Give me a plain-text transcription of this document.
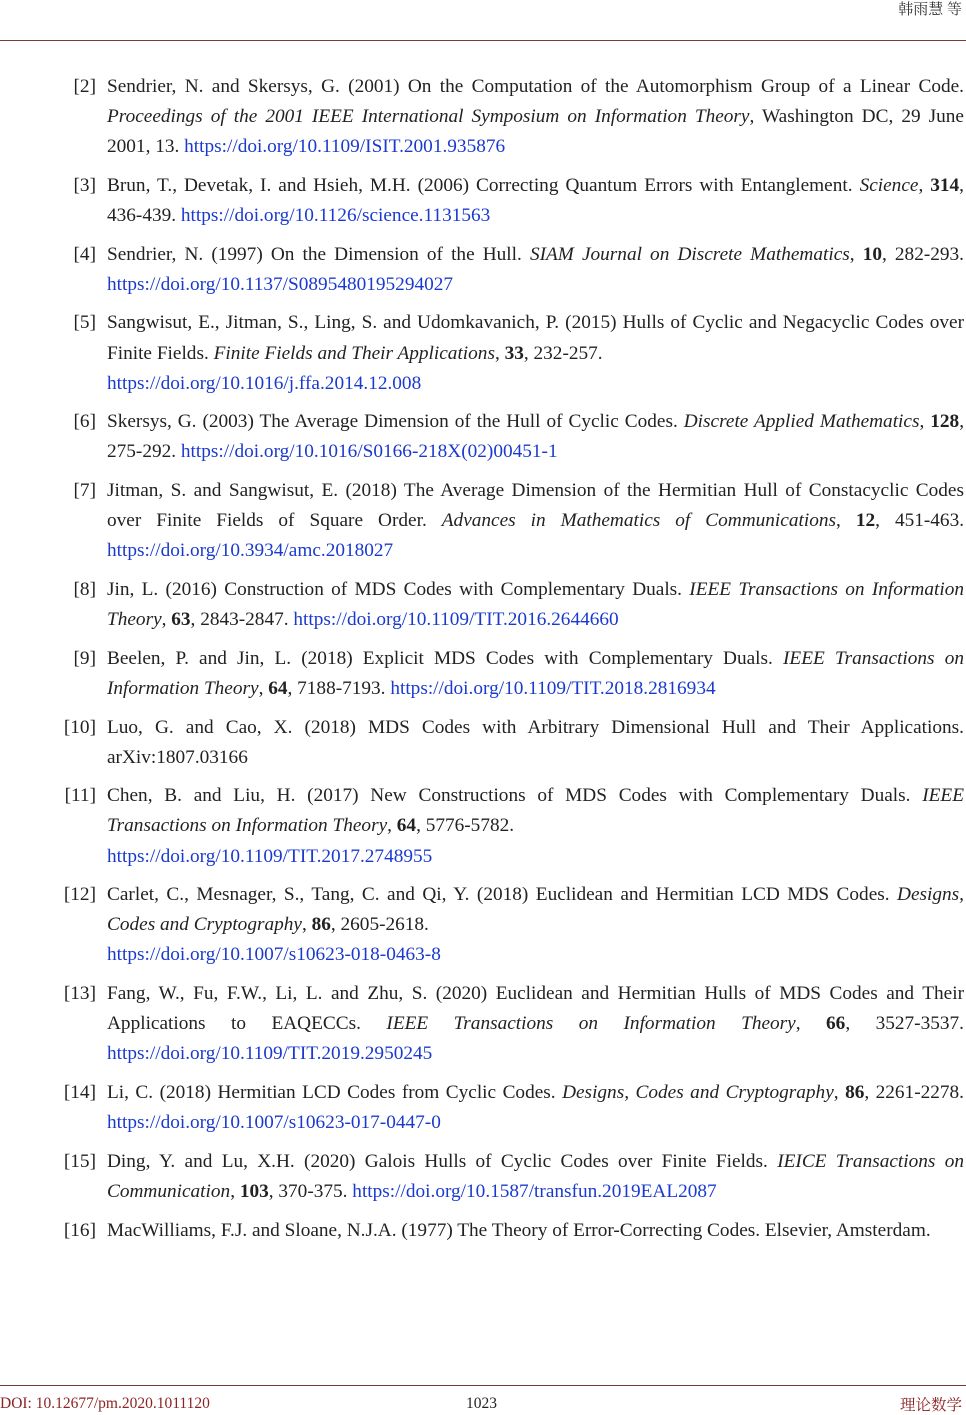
韩雨慧 等
[2] Sendrier, N. and Skersys, G. (2001) On the Computation of the Automorphism Group of a Linear Code. Proceedings of the 2001 IEEE International Symposium on Information Theory, Washington DC, 29 June 2001, 13. https://doi.org/10.1109/ISIT.2001.935876
[3] Brun, T., Devetak, I. and Hsieh, M.H. (2006) Correcting Quantum Errors with Entanglement. Science, 314, 436-439. https://doi.org/10.1126/science.1131563
[4] Sendrier, N. (1997) On the Dimension of the Hull. SIAM Journal on Discrete Mathematics, 10, 282-293. https://doi.org/10.1137/S0895480195294027
[5] Sangwisut, E., Jitman, S., Ling, S. and Udomkavanich, P. (2015) Hulls of Cyclic and Negacyclic Codes over Finite Fields. Finite Fields and Their Applications, 33, 232-257.
https://doi.org/10.1016/j.ffa.2014.12.008
[6] Skersys, G. (2003) The Average Dimension of the Hull of Cyclic Codes. Discrete Applied Mathematics, 128, 275-292. https://doi.org/10.1016/S0166-218X(02)00451-1
[7] Jitman, S. and Sangwisut, E. (2018) The Average Dimension of the Hermitian Hull of Constacyclic Codes over Finite Fields of Square Order. Advances in Mathematics of Communications, 12, 451-463. https://doi.org/10.3934/amc.2018027
[8] Jin, L. (2016) Construction of MDS Codes with Complementary Duals. IEEE Transactions on Information Theory, 63, 2843-2847. https://doi.org/10.1109/TIT.2016.2644660
[9] Beelen, P. and Jin, L. (2018) Explicit MDS Codes with Complementary Duals. IEEE Transactions on Information Theory, 64, 7188-7193. https://doi.org/10.1109/TIT.2018.2816934
[10] Luo, G. and Cao, X. (2018) MDS Codes with Arbitrary Dimensional Hull and Their Applications. arXiv:1807.03166
[11] Chen, B. and Liu, H. (2017) New Constructions of MDS Codes with Complementary Duals. IEEE Transactions on Information Theory, 64, 5776-5782.
https://doi.org/10.1109/TIT.2017.2748955
[12] Carlet, C., Mesnager, S., Tang, C. and Qi, Y. (2018) Euclidean and Hermitian LCD MDS Codes. Designs, Codes and Cryptography, 86, 2605-2618.
https://doi.org/10.1007/s10623-018-0463-8
[13] Fang, W., Fu, F.W., Li, L. and Zhu, S. (2020) Euclidean and Hermitian Hulls of MDS Codes and Their Applications to EAQECCs. IEEE Transactions on Information Theory, 66, 3527-3537. https://doi.org/10.1109/TIT.2019.2950245
[14] Li, C. (2018) Hermitian LCD Codes from Cyclic Codes. Designs, Codes and Cryptography, 86, 2261-2278. https://doi.org/10.1007/s10623-017-0447-0
[15] Ding, Y. and Lu, X.H. (2020) Galois Hulls of Cyclic Codes over Finite Fields. IEICE Transactions on Communication, 103, 370-375. https://doi.org/10.1587/transfun.2019EAL2087
[16] MacWilliams, F.J. and Sloane, N.J.A. (1977) The Theory of Error-Correcting Codes. Elsevier, Amsterdam.
DOI: 10.12677/pm.2020.1011120	1023	理论数学
